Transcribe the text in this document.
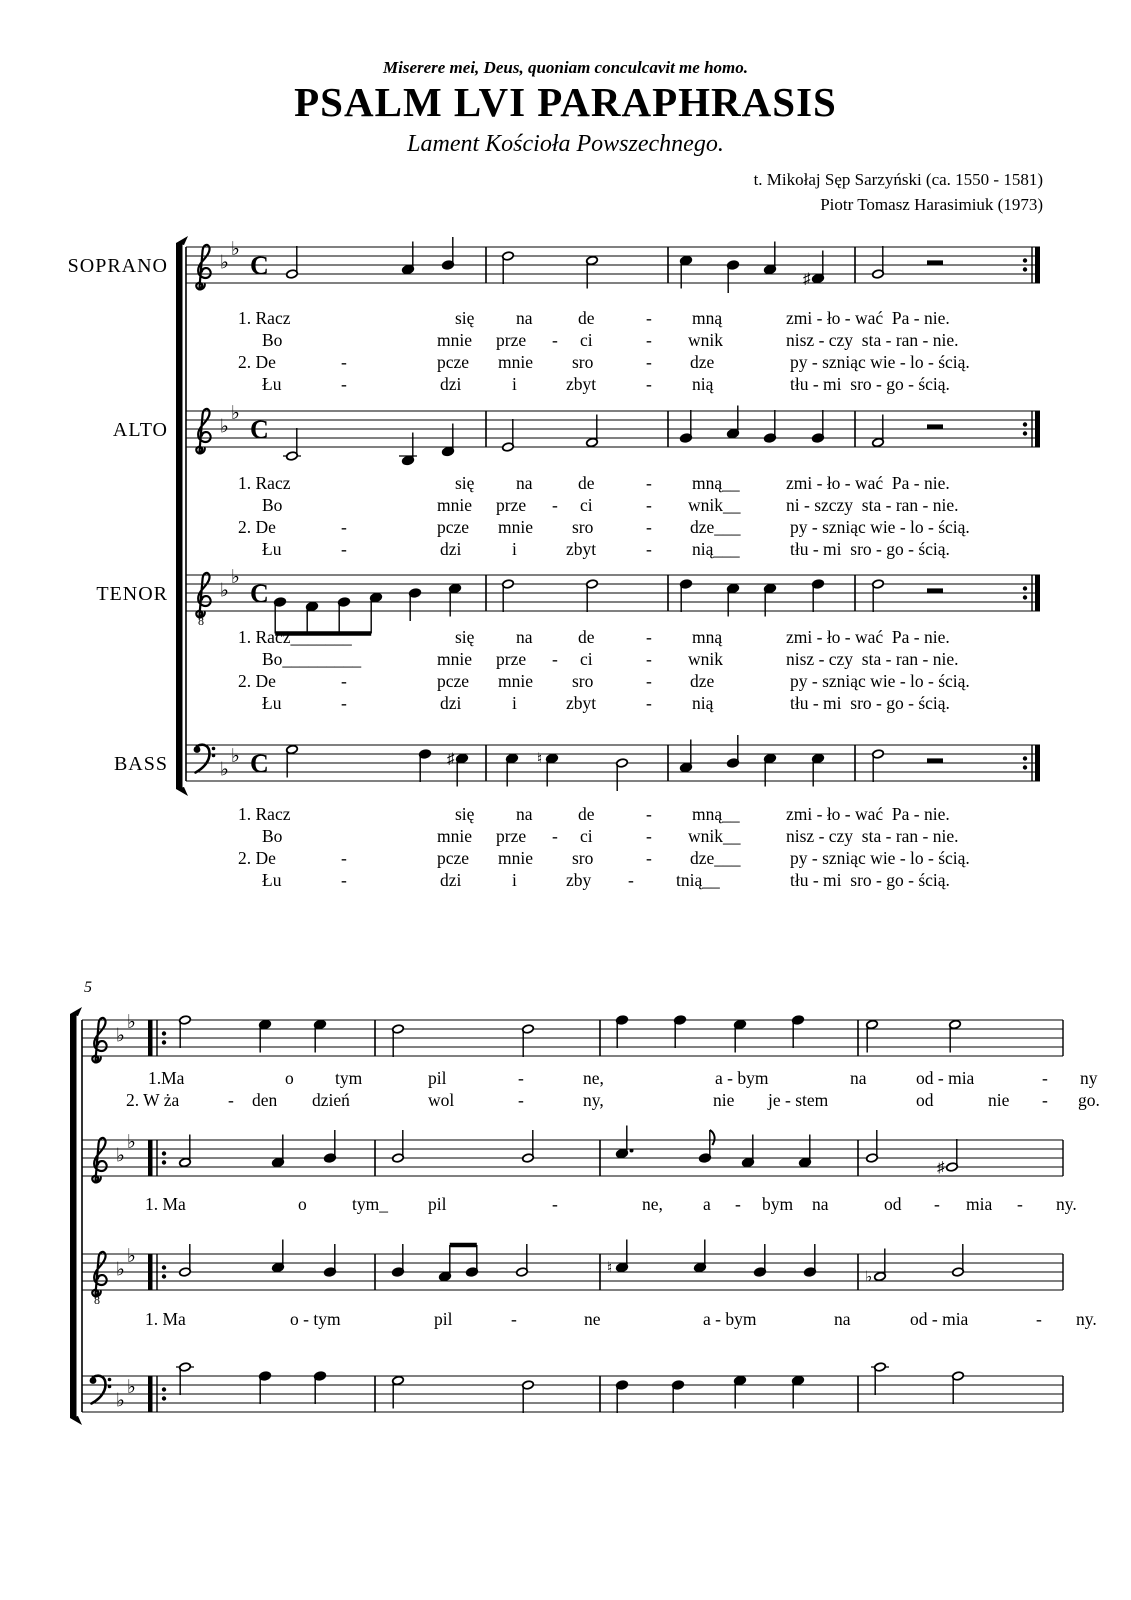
Miserere mei, Deus, quoniam conculcavit me homo.
PSALM LVI PARAPHRASIS
Lament Kościoła Powszechnego.
t. Mikołaj Sęp Sarzyński (ca. 1550 - 1581)
Piotr Tomasz Harasimiuk (1973)
SOPRANO
ALTO
TENOR
BASS
♭
♭
C	♯
♭
♭
C
8
♭
♭
C
♭
♭ C	♯	♮
5
♭
♭
♭
♭
♯
8
♭
♭
♮
♭
♭
♭
1. Racz	się na	de	- mną	zmi - ło - wać  Pa - nie.
Bo	mnie prze - ci	- wnik	nisz - czy  sta - ran - nie.
2. De	-	pcze mnie sro	- dze	py - szniąc wie - lo - ścią.
Łu	-	dzi	i	zbyt	- nią	tłu - mi  sro - go - ścią.
1. Racz	się na	de	- mną__	zmi - ło - wać  Pa - nie.
Bo	mnie prze - ci	- wnik__	ni - szczy  sta - ran - nie.
2. De	-	pcze mnie sro	- dze___	py - szniąc wie - lo - ścią.
Łu	-	dzi	i	zbyt	- nią___	tłu - mi  sro - go - ścią.
1. Racz_______	się na	de	- mną	zmi - ło - wać  Pa - nie.
Bo_________	mnie prze - ci	- wnik	nisz - czy  sta - ran - nie.
2. De	-	pcze mnie sro	- dze	py - szniąc wie - lo - ścią.
Łu	-	dzi	i	zbyt	- nią	tłu - mi  sro - go - ścią.
1. Racz	się na	de	- mną__	zmi - ło - wać  Pa - nie.
Bo	mnie prze - ci	- wnik__	nisz - czy  sta - ran - nie.
2. De	-	pcze mnie sro	- dze___	py - szniąc wie - lo - ścią.
Łu	-	dzi	i	zby - tnią__	tłu - mi  sro - go - ścią.
1.Ma	o tym	pil	-	ne,	a - bym	na	od - mia	- ny
2. W ża	- den dzień	wol	-	ny,	nie je - stem	od	nie - go.
1. Ma	o	tym_ pil	-	ne, a - bym na	od - mia - ny.
1. Ma	o - tym	pil	-	ne	a - bym	na	od - mia	- ny.
